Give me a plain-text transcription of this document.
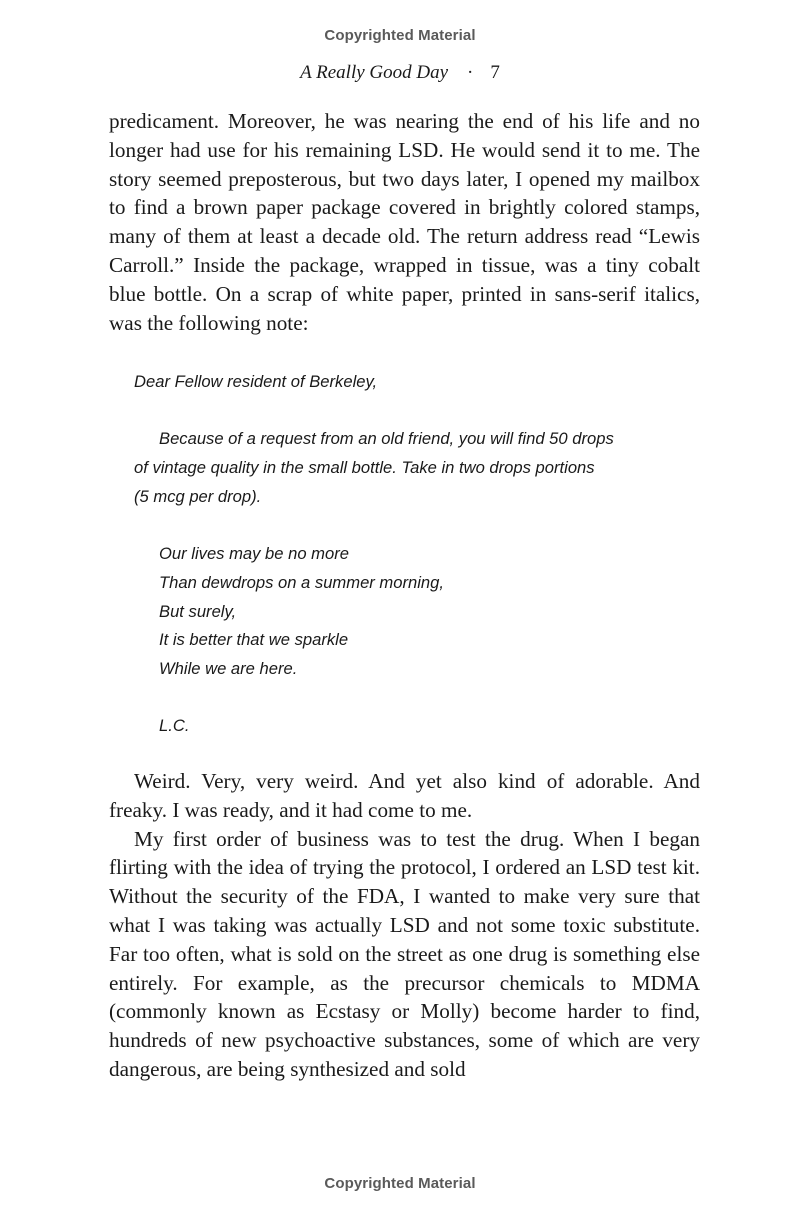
Copyrighted Material
A Really Good Day · 7

predicament. Moreover, he was nearing the end of his life and no longer had use for his remaining LSD. He would send it to me. The story seemed preposterous, but two days later, I opened my mailbox to find a brown paper package covered in brightly colored stamps, many of them at least a decade old. The return address read “Lewis Carroll.” Inside the package, wrapped in tissue, was a tiny cobalt blue bottle. On a scrap of white paper, printed in sans-serif italics, was the following note:

Dear Fellow resident of Berkeley,
Because of a request from an old friend, you will find 50 drops
of vintage quality in the small bottle. Take in two drops portions
(5 mcg per drop).
Our lives may be no more
Than dewdrops on a summer morning,
But surely,
It is better that we sparkle
While we are here.
L.C.

Weird. Very, very weird. And yet also kind of adorable. And freaky. I was ready, and it had come to me.

My first order of business was to test the drug. When I began flirting with the idea of trying the protocol, I ordered an LSD test kit. Without the security of the FDA, I wanted to make very sure that what I was taking was actually LSD and not some toxic substitute. Far too often, what is sold on the street as one drug is something else entirely. For example, as the precursor chemicals to MDMA (commonly known as Ecstasy or Molly) become harder to find, hundreds of new psychoactive substances, some of which are very dangerous, are being synthesized and sold

Copyrighted Material
